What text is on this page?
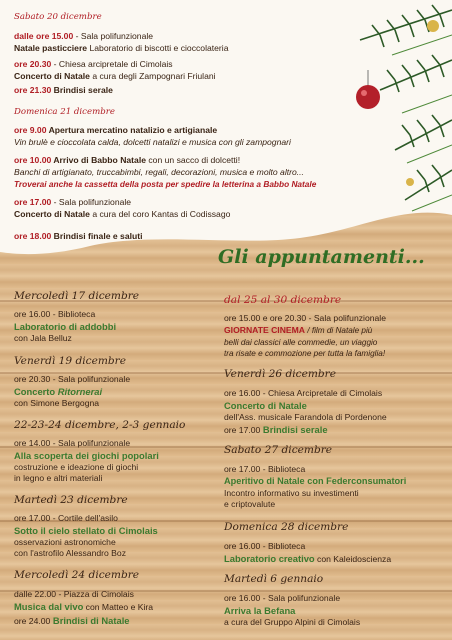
Sabato 20 dicembre
dalle ore 15.00 - Sala polifunzionale
Natale pasticciere Laboratorio di biscotti e cioccolateria
ore 20.30 - Chiesa arcipretale di Cimolais
Concerto di Natale a cura degli Zampognari Friulani
ore 21.30 Brindisi serale
Domenica 21 dicembre
ore 9.00 Apertura mercatino natalizio e artigianale
Vin brulè e cioccolata calda, dolcetti natalizi e musica con gli zampognari
ore 10.00 Arrivo di Babbo Natale con un sacco di dolcetti!
Banchi di artigianato, truccabimbi, regali, decorazioni, musica e molto altro...
Troverai anche la cassetta della posta per spedire la letterina a Babbo Natale
ore 17.00 - Sala polifunzionale
Concerto di Natale a cura del coro Kantas di Codissago
ore 18.00 Brindisi finale e saluti
Gli appuntamenti...
Mercoledì 17 dicembre
ore 16.00 - Biblioteca
Laboratorio di addobbi
con Jala Belluz
Venerdì 19 dicembre
ore 20.30 - Sala polifunzionale
Concerto Ritornerai
con Simone Bergogna
22-23-24 dicembre, 2-3 gennaio
ore 14.00 - Sala polifunzionale
Alla scoperta dei giochi popolari
costruzione e ideazione di giochi
in legno e altri materiali
Martedì 23 dicembre
ore 17.00 - Cortile dell'asilo
Sotto il cielo stellato di Cimolais
osservazioni astronomiche
con l'astrofilo Alessandro Boz
Mercoledì 24 dicembre
dalle 22.00 - Piazza di Cimolais
Musica dal vivo con Matteo e Kira
ore 24.00 Brindisi di Natale
dal 25 al 30 dicembre
ore 15.00 e ore 20.30 - Sala polifunzionale
GIORNATE CINEMA / film di Natale più
belli dai classici alle commedie, un viaggio
tra risate e commozione per tutta la famiglia!
Venerdì 26 dicembre
ore 16.00 - Chiesa Arcipretale di Cimolais
Concerto di Natale
dell'Ass. musicale Farandola di Pordenone
ore 17.00 Brindisi serale
Sabato 27 dicembre
ore 17.00 - Biblioteca
Aperitivo di Natale con Federconsumatori
Incontro informativo su investimenti
e criptovalute
Domenica 28 dicembre
ore 16.00 - Biblioteca
Laboratorio creativo con Kaleidoscienza
Martedì 6 gennaio
ore 16.00 - Sala polifunzionale
Arriva la Befana
a cura del Gruppo Alpini di Cimolais
